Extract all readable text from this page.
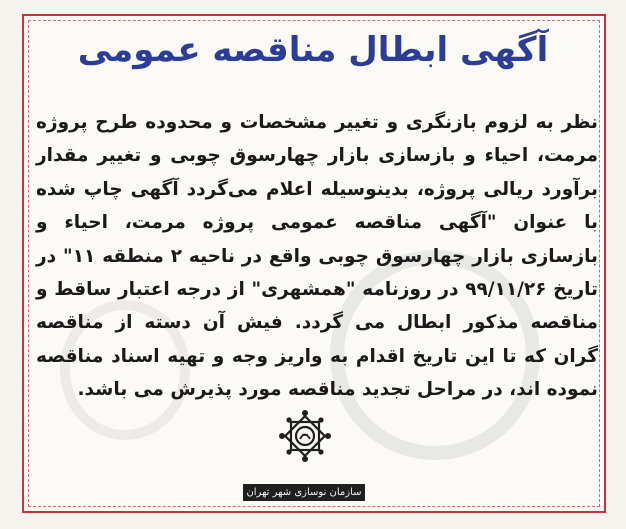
آگهی ابطال مناقصه عمومی
نظر به لزوم بازنگری و تغییر مشخصات و محدوده طرح پروژه مرمت، احیاء و بازسازی بازار چهارسوق چوبی و تغییر مقدار برآورد ریالی پروژه، بدینوسیله اعلام می‌گردد آگهی چاپ شده با عنوان "آگهی مناقصه عمومی پروژه مرمت، احیاء و بازسازی بازار چهارسوق چوبی واقع در ناحیه ۲ منطقه ۱۱" در تاریخ ۹۹/۱۱/۲۶ در روزنامه "همشهری" از درجه اعتبار ساقط و مناقصه مذکور ابطال می گردد. فیش آن دسته از مناقصه گران که تا این تاریخ اقدام به واریز وجه و تهیه اسناد مناقصه نموده اند، در مراحل تجدید مناقصه مورد پذیرش می باشد.
سازمان نوسازی شهر تهران
